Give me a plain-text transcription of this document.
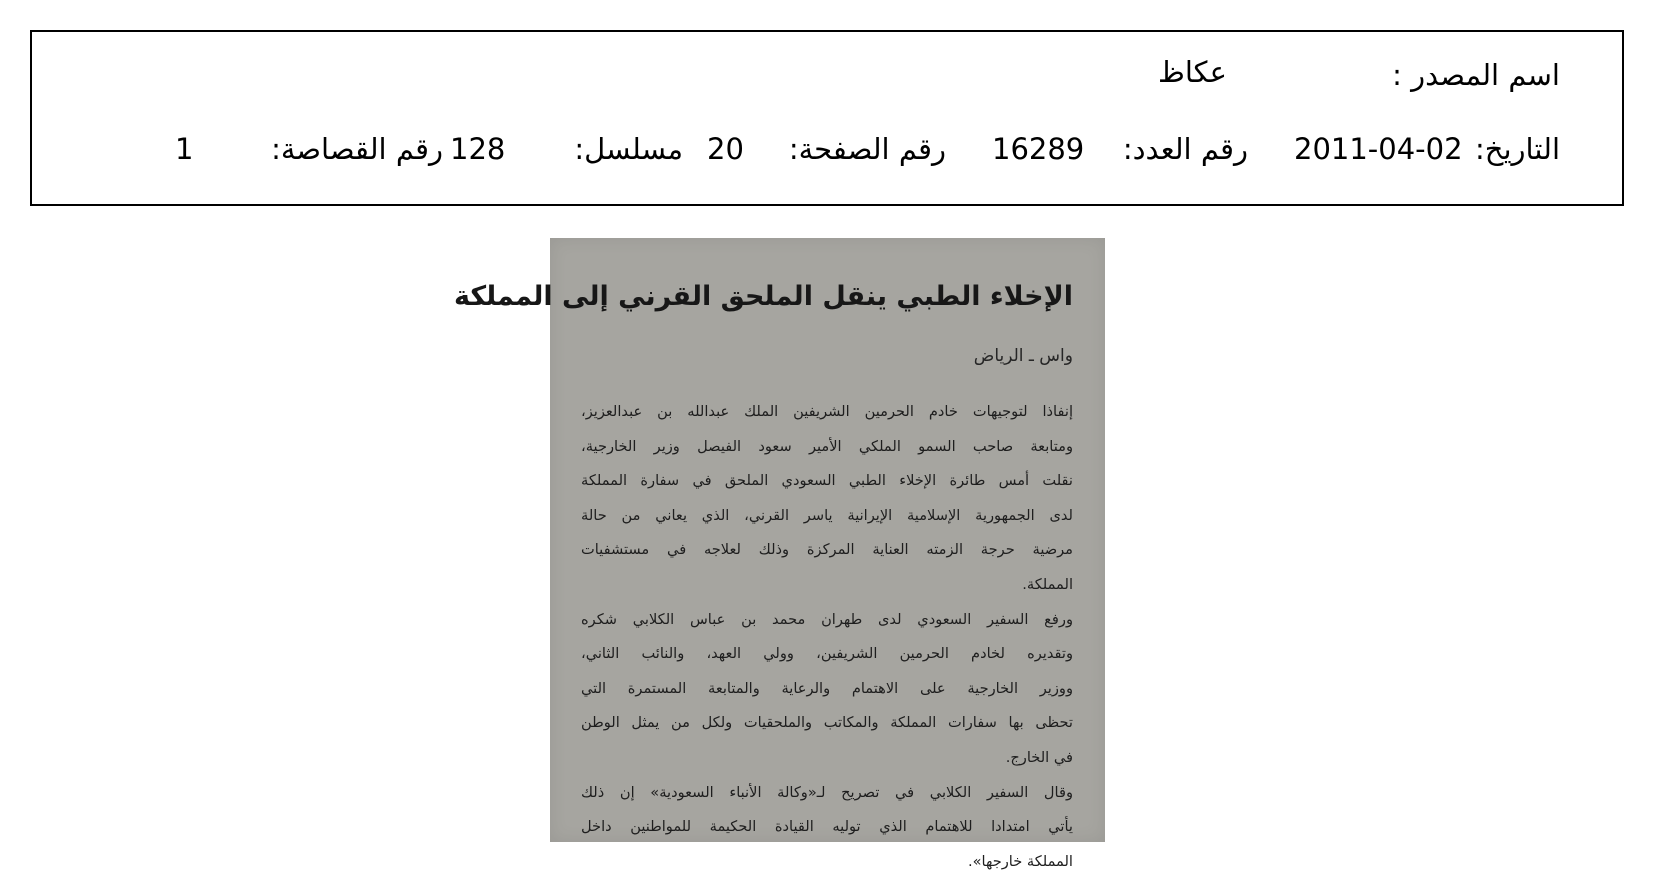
اسم المصدر :
عكاظ
التاريخ:
2011-04-02
رقم العدد:
16289
رقم الصفحة:
20
مسلسل:
128
رقم القصاصة:
1
الإخلاء الطبي ينقل الملحق القرني إلى المملكة
واس ـ الرياض
إنفاذا لتوجيهات خادم الحرمين الشريفين الملك عبدالله بن عبدالعزيز،
ومتابعة صاحب السمو الملكي الأمير سعود الفيصل وزير الخارجية،
نقلت أمس طائرة الإخلاء الطبي السعودي الملحق في سفارة المملكة
لدى الجمهورية الإسلامية الإيرانية ياسر القرني، الذي يعاني من حالة
مرضية حرجة الزمته العناية المركزة وذلك لعلاجه في مستشفيات
المملكة.
ورفع السفير السعودي لدى طهران محمد بن عباس الكلابي شكره
وتقديره لخادم الحرمين الشريفين، وولي العهد، والنائب الثاني،
ووزير الخارجية على الاهتمام والرعاية والمتابعة المستمرة التي
تحظى بها سفارات المملكة والمكاتب والملحقيات ولكل من يمثل الوطن
في الخارج.
وقال السفير الكلابي في تصريح لـ«وكالة الأنباء السعودية» إن ذلك
يأتي امتدادا للاهتمام الذي توليه القيادة الحكيمة للمواطنين داخل
المملكة خارجها».
